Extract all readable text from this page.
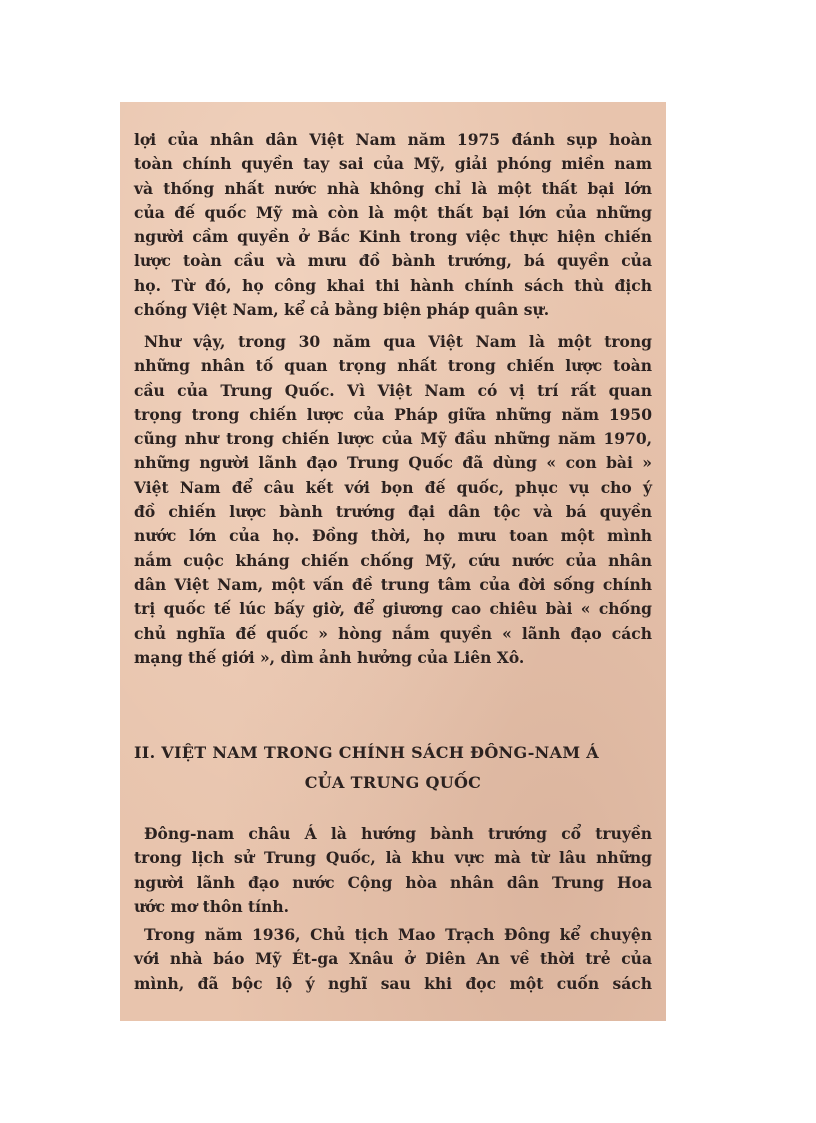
lợi của nhân dân Việt Nam năm 1975 đánh sụp hoàn
toàn chính quyền tay sai của Mỹ, giải phóng miền nam
và thống nhất nước nhà không chỉ là một thất bại lớn
của đế quốc Mỹ mà còn là một thất bại lớn của những
người cầm quyền ở Bắc Kinh trong việc thực hiện chiến
lược toàn cầu và mưu đồ bành trướng, bá quyền của
họ. Từ đó, họ công khai thi hành chính sách thù địch
chống Việt Nam, kể cả bằng biện pháp quân sự.
Như vậy, trong 30 năm qua Việt Nam là một trong
những nhân tố quan trọng nhất trong chiến lược toàn
cầu của Trung Quốc. Vì Việt Nam có vị trí rất quan
trọng trong chiến lược của Pháp giữa những năm 1950
cũng như trong chiến lược của Mỹ đầu những năm 1970,
những người lãnh đạo Trung Quốc đã dùng « con bài »
Việt Nam để câu kết với bọn đế quốc, phục vụ cho ý
đồ chiến lược bành trướng đại dân tộc và bá quyền
nước lớn của họ. Đồng thời, họ mưu toan một mình
nắm cuộc kháng chiến chống Mỹ, cứu nước của nhân
dân Việt Nam, một vấn đề trung tâm của đời sống chính
trị quốc tế lúc bấy giờ, để giương cao chiêu bài « chống
chủ nghĩa đế quốc » hòng nắm quyền « lãnh đạo cách
mạng thế giới », dìm ảnh hưởng của Liên Xô.
II. VIỆT NAM TRONG CHÍNH SÁCH ĐÔNG-NAM Á
CỦA TRUNG QUỐC
Đông-nam châu Á là hướng bành trướng cổ truyền
trong lịch sử Trung Quốc, là khu vực mà từ lâu những
người lãnh đạo nước Cộng hòa nhân dân Trung Hoa
ước mơ thôn tính.
Trong năm 1936, Chủ tịch Mao Trạch Đông kể chuyện
với nhà báo Mỹ Ét-ga Xnâu ở Diên An về thời trẻ của
mình, đã bộc lộ ý nghĩ sau khi đọc một cuốn sách
